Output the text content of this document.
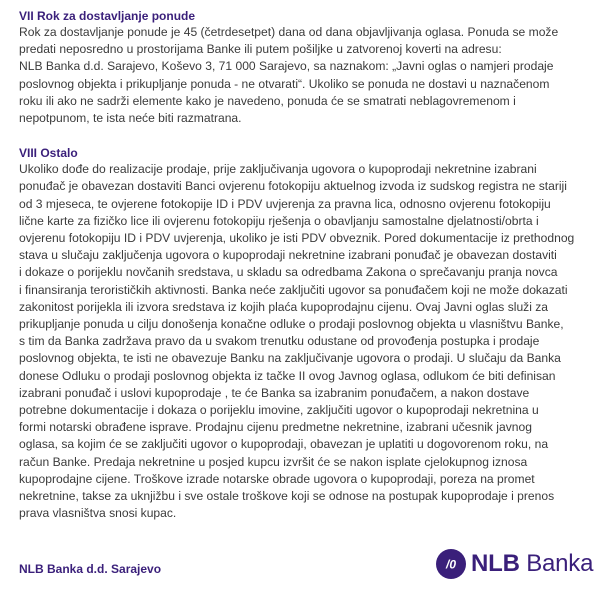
VII Rok za dostavljanje ponude

Rok za dostavljanje ponude je 45 (četrdesetpet) dana od dana objavljivanja oglasa. Ponuda se može

predati neposredno u prostorijama Banke ili putem pošiljke u zatvorenoj koverti na adresu:

NLB Banka d.d. Sarajevo, Koševo 3, 71 000 Sarajevo, sa naznakom: „Javni oglas o namjeri prodaje

poslovnog objekta i prikupljanje ponuda - ne otvarati“. Ukoliko se ponuda ne dostavi u naznačenom

roku ili ako ne sadrži elemente kako je navedeno, ponuda će se smatrati neblagovremenom i

nepotpunom, te ista neće biti razmatrana.

VIII Ostalo

Ukoliko dođe do realizacije prodaje, prije zaključivanja ugovora o kupoprodaji nekretnine izabrani

ponuđač je obavezan dostaviti Banci ovjerenu fotokopiju aktuelnog izvoda iz sudskog registra ne stariji

od 3 mjeseca, te ovjerene fotokopije ID i PDV uvjerenja za pravna lica, odnosno ovjerenu fotokopiju

lične karte za fizičko lice ili ovjerenu fotokopiju rješenja o obavljanju samostalne djelatnosti/obrta i

ovjerenu fotokopiju ID i PDV uvjerenja, ukoliko je isti PDV obveznik. Pored dokumentacije iz prethodnog

stava u slučaju zaključenja ugovora o kupoprodaji nekretnine izabrani ponuđač je obavezan dostaviti

i dokaze o porijeklu novčanih sredstava, u skladu sa odredbama Zakona o sprečavanju pranja novca

i finansiranja terorističkih aktivnosti. Banka neće zaključiti ugovor sa ponuđačem koji ne može dokazati

zakonitost porijekla ili izvora sredstava iz kojih plaća kupoprodajnu cijenu. Ovaj Javni oglas služi za

prikupljanje ponuda u cilju donošenja konačne odluke o prodaji poslovnog objekta u vlasništvu Banke,

s tim da Banka zadržava pravo da u svakom trenutku odustane od provođenja postupka i prodaje

poslovnog objekta, te isti ne obavezuje Banku na zaključivanje ugovora o prodaji. U slučaju da Banka

donese Odluku o prodaji poslovnog objekta iz tačke II ovog Javnog oglasa, odlukom će biti definisan

izabrani ponuđač i uslovi kupoprodaje , te će Banka sa izabranim ponuđačem, a nakon dostave

potrebne dokumentacije i dokaza o porijeklu imovine, zaključiti ugovor o kupoprodaji nekretnina u

formi notarski obrađene isprave. Prodajnu cijenu predmetne nekretnine, izabrani učesnik javnog

oglasa, sa kojim će se zaključiti ugovor o kupoprodaji, obavezan je uplatiti u dogovorenom roku, na

račun Banke. Predaja nekretnine u posjed kupcu izvršit će se nakon isplate cjelokupnog iznosa

kupoprodajne cijene. Troškove izrade notarske obrade ugovora o kupoprodaji, poreza na promet

nekretnine, takse za uknjižbu i sve ostale troškove koji se odnose na postupak kupoprodaje i prenos

prava vlasništva snosi kupac.

NLB Banka d.d. Sarajevo	/0 NLB Banka
